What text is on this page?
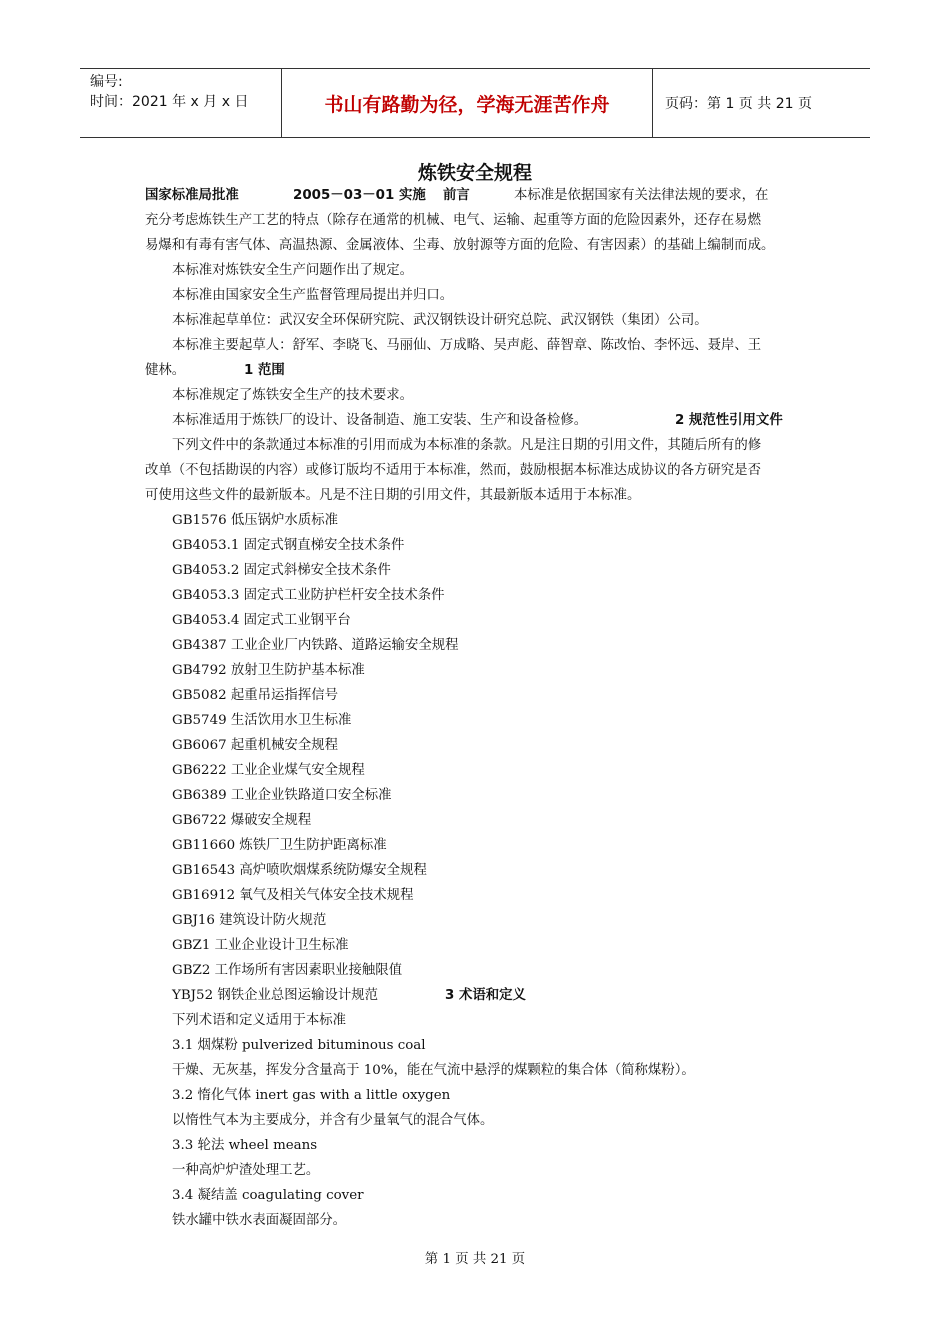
编号:
时间：2021 年 x 月 x 日	书山有路勤为径，学海无涯苦作舟	页码：第 1 页 共 21 页
炼铁安全规程
国家标准局批准	2005－03－01 实施 前言	本标准是依据国家有关法律法规的要求，在
充分考虑炼铁生产工艺的特点（除存在通常的机械、电气、运输、起重等方面的危险因素外，还存在易燃
易爆和有毒有害气体、高温热源、金属液体、尘毒、放射源等方面的危险、有害因素）的基础上编制而成。
本标准对炼铁安全生产问题作出了规定。
本标准由国家安全生产监督管理局提出并归口。
本标准起草单位：武汉安全环保研究院、武汉钢铁设计研究总院、武汉钢铁（集团）公司。
本标准主要起草人：舒军、李晓飞、马丽仙、万成略、吴声彪、薛智章、陈改怡、李怀远、聂岸、王
健林。	1 范围
本标准规定了炼铁安全生产的技术要求。
本标准适用于炼铁厂的设计、设备制造、施工安装、生产和设备检修。	2 规范性引用文件
下列文件中的条款通过本标准的引用而成为本标准的条款。凡是注日期的引用文件，其随后所有的修
改单（不包括勘误的内容）或修订版均不适用于本标准，然而，鼓励根据本标准达成协议的各方研究是否
可使用这些文件的最新版本。凡是不注日期的引用文件，其最新版本适用于本标准。
GB1576 低压锅炉水质标准
GB4053.1 固定式钢直梯安全技术条件
GB4053.2 固定式斜梯安全技术条件
GB4053.3 固定式工业防护栏杆安全技术条件
GB4053.4 固定式工业钢平台
GB4387 工业企业厂内铁路、道路运输安全规程
GB4792 放射卫生防护基本标准
GB5082 起重吊运指挥信号
GB5749 生活饮用水卫生标准
GB6067 起重机械安全规程
GB6222 工业企业煤气安全规程
GB6389 工业企业铁路道口安全标准
GB6722 爆破安全规程
GB11660 炼铁厂卫生防护距离标准
GB16543 高炉喷吹烟煤系统防爆安全规程
GB16912 氧气及相关气体安全技术规程
GBJ16 建筑设计防火规范
GBZ1 工业企业设计卫生标准
GBZ2 工作场所有害因素职业接触限值
YBJ52 钢铁企业总图运输设计规范	3 术语和定义
下列术语和定义适用于本标准
3.1 烟煤粉 pulverized bituminous coal
干燥、无灰基，挥发分含量高于 10%，能在气流中悬浮的煤颗粒的集合体（简称煤粉）。
3.2 惰化气体 inert gas with a little oxygen
以惰性气本为主要成分，并含有少量氧气的混合气体。
3.3 轮法 wheel means
一种高炉炉渣处理工艺。
3.4 凝结盖 coagulating cover
铁水罐中铁水表面凝固部分。
第 1 页 共 21 页
